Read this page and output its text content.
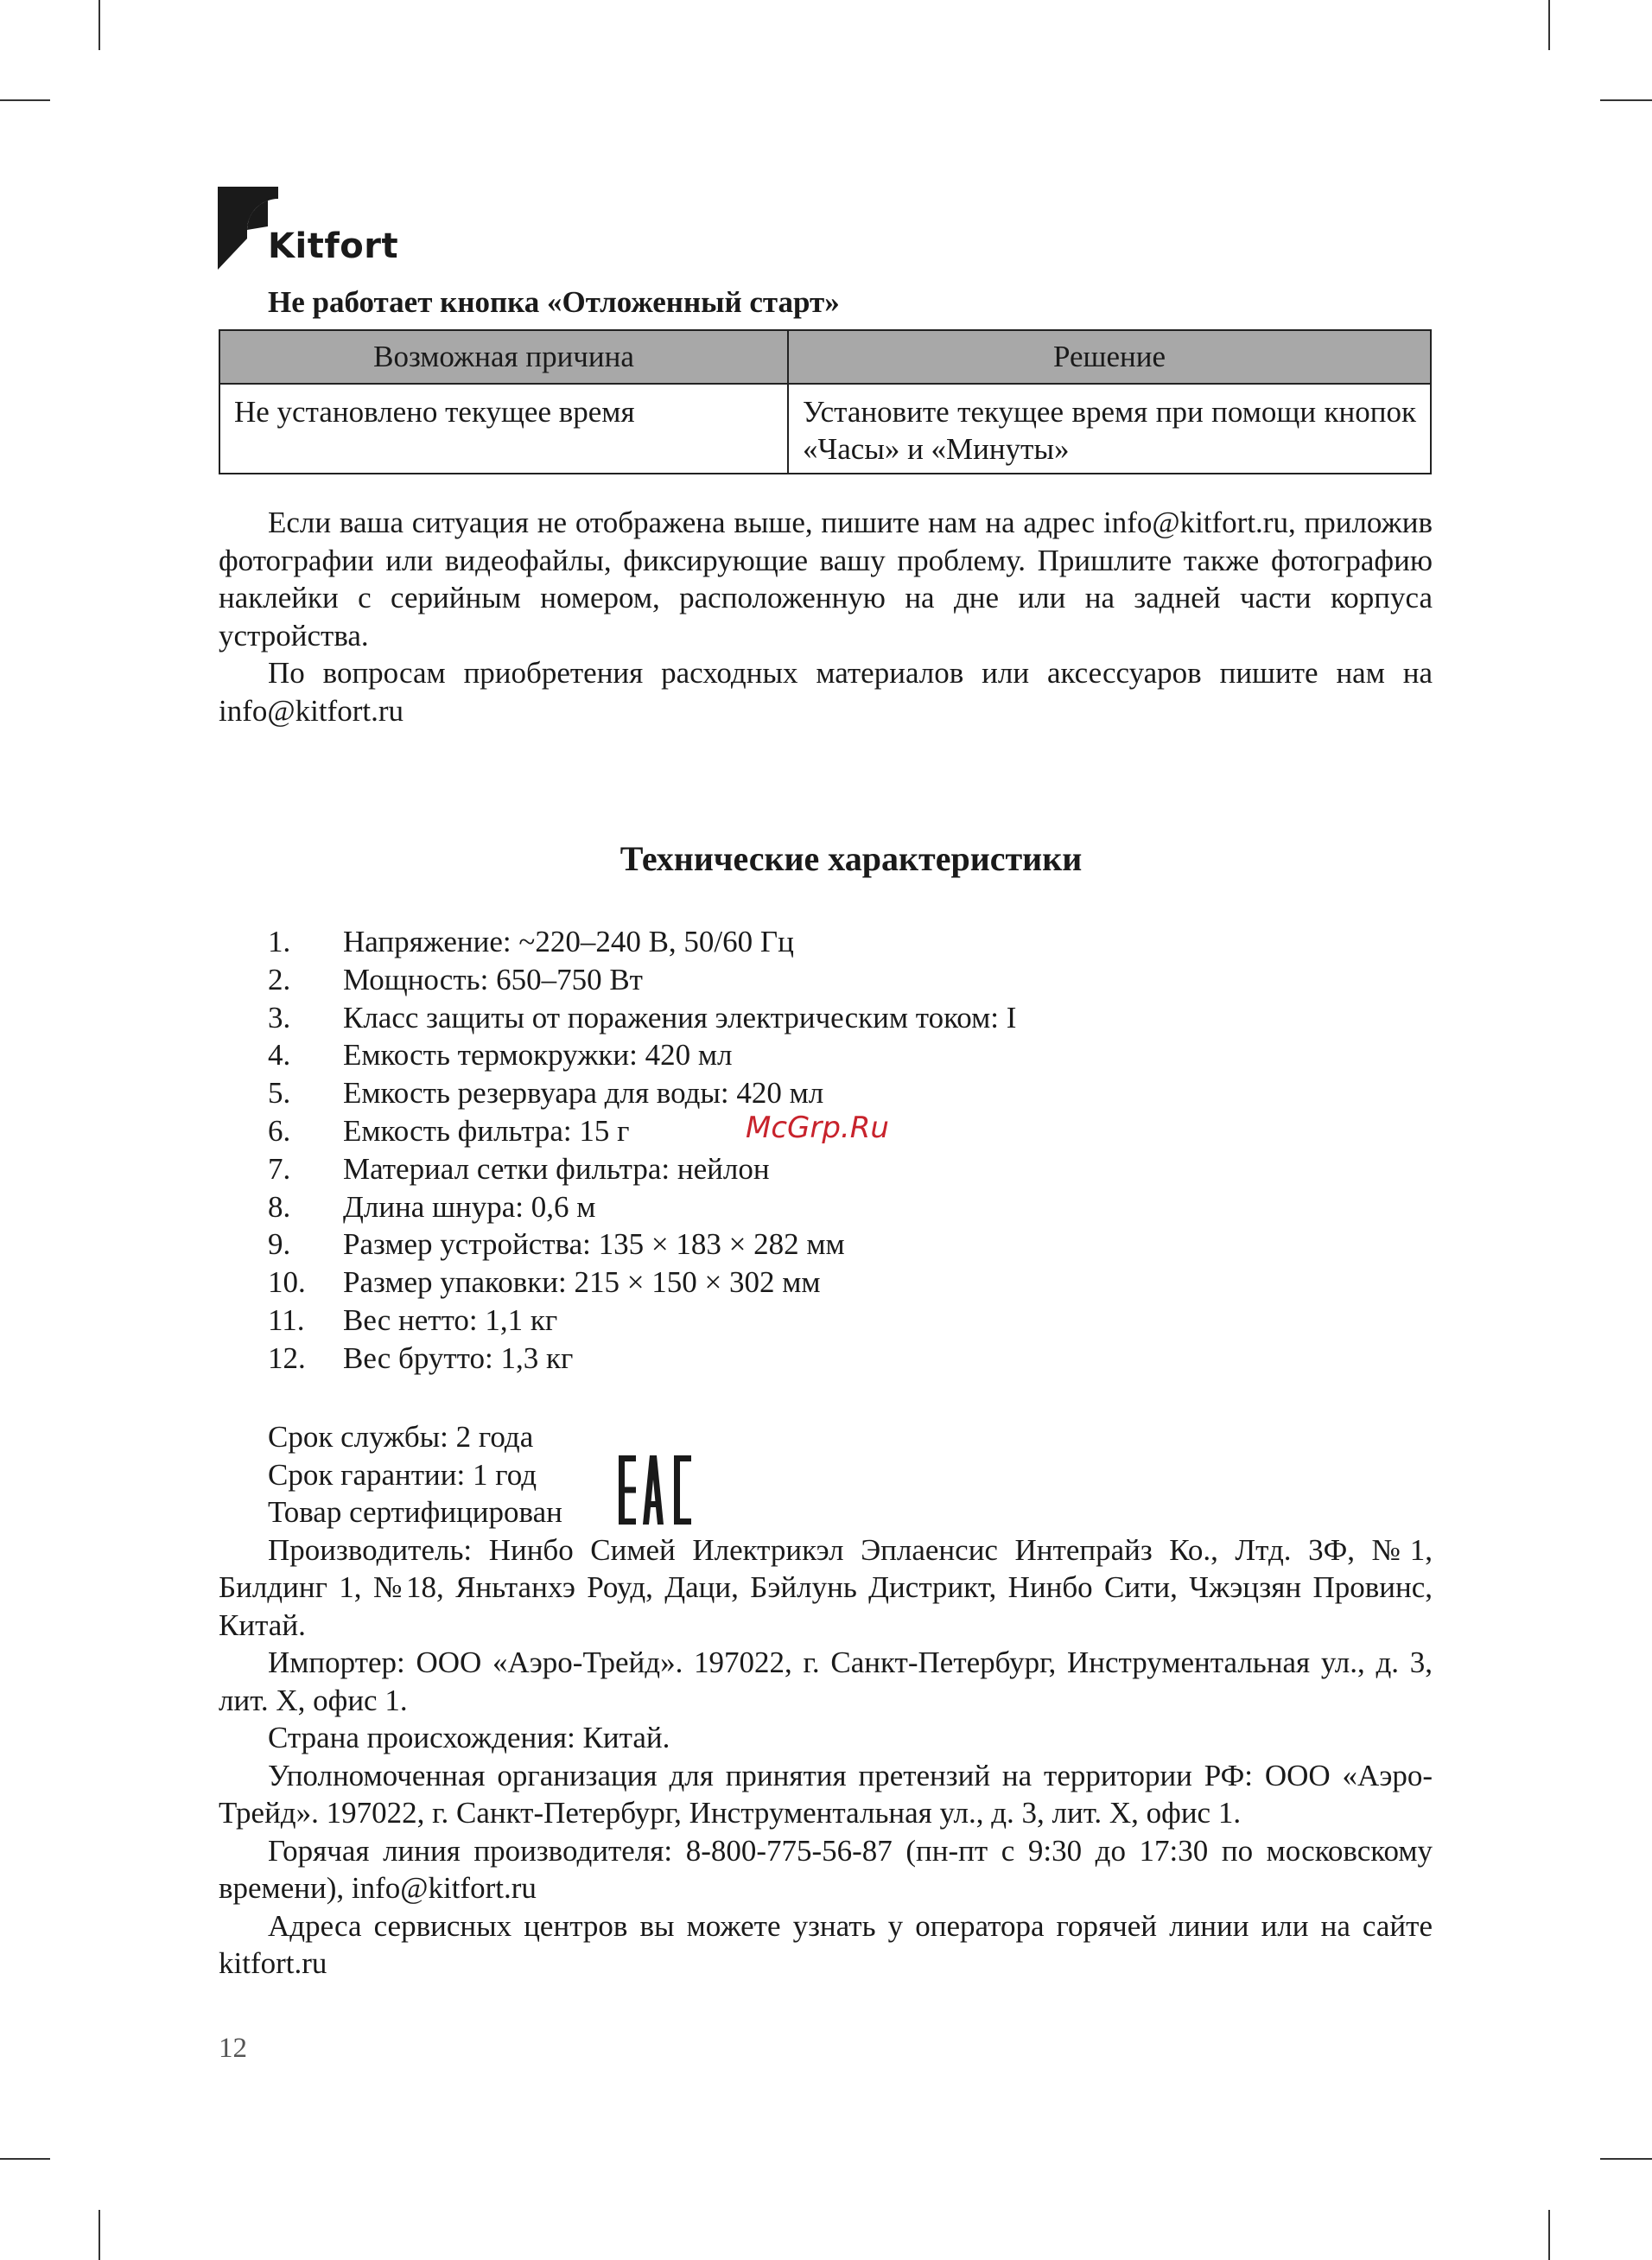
Kitfort
Не работает кнопка «Отложенный старт»
Возможная причина	Решение
Не установлено текущее время	Установите текущее время при помощи кнопок «Часы» и «Минуты»

Если ваша ситуация не отображена выше, пишите нам на адрес info@kitfort.ru, приложив фотографии или видеофайлы, фиксирующие вашу проблему. Пришлите также фотографию наклейки с серийным номером, расположенную на дне или на задней части корпуса устройства.

По вопросам приобретения расходных материалов или аксессуаров пишите нам на info@kitfort.ru

Технические характеристики
1.	Напряжение: ~220–240 В, 50/60 Гц
2.	Мощность: 650–750 Вт
3.	Класс защиты от поражения электрическим током: I
4.	Емкость термокружки: 420 мл
5.	Емкость резервуара для воды: 420 мл
6.	Емкость фильтра: 15 г
7.	Материал сетки фильтра: нейлон
8.	Длина шнура: 0,6 м
9.	Размер устройства: 135 × 183 × 282 мм
10.	Размер упаковки: 215 × 150 × 302 мм
11.	Вес нетто: 1,1 кг
12.	Вес брутто: 1,3 кг
McGrp.Ru

Срок службы: 2 года

Срок гарантии: 1 год

Товар сертифицирован

Производитель: Нинбо Симей Илектрикэл Эплаенсис Интепрайз Ко., Лтд. 3Ф, №1, Билдинг 1, №18, Яньтанхэ Роуд, Даци, Бэйлунь Дистрикт, Нинбо Сити, Чжэцзян Провинс, Китай.

Импортер: ООО «Аэро-Трейд». 197022, г. Санкт-Петербург, Инструментальная ул., д. 3, лит. Х, офис 1.

Страна происхождения: Китай.

Уполномоченная организация для принятия претензий на территории РФ: ООО «Аэро-Трейд». 197022, г. Санкт-Петербург, Инструментальная ул., д. 3, лит. Х, офис 1.

Горячая линия производителя: 8-800-775-56-87 (пн-пт с 9:30 до 17:30 по московскому времени), info@kitfort.ru

Адреса сервисных центров вы можете узнать у оператора горячей линии или на сайте kitfort.ru

12
